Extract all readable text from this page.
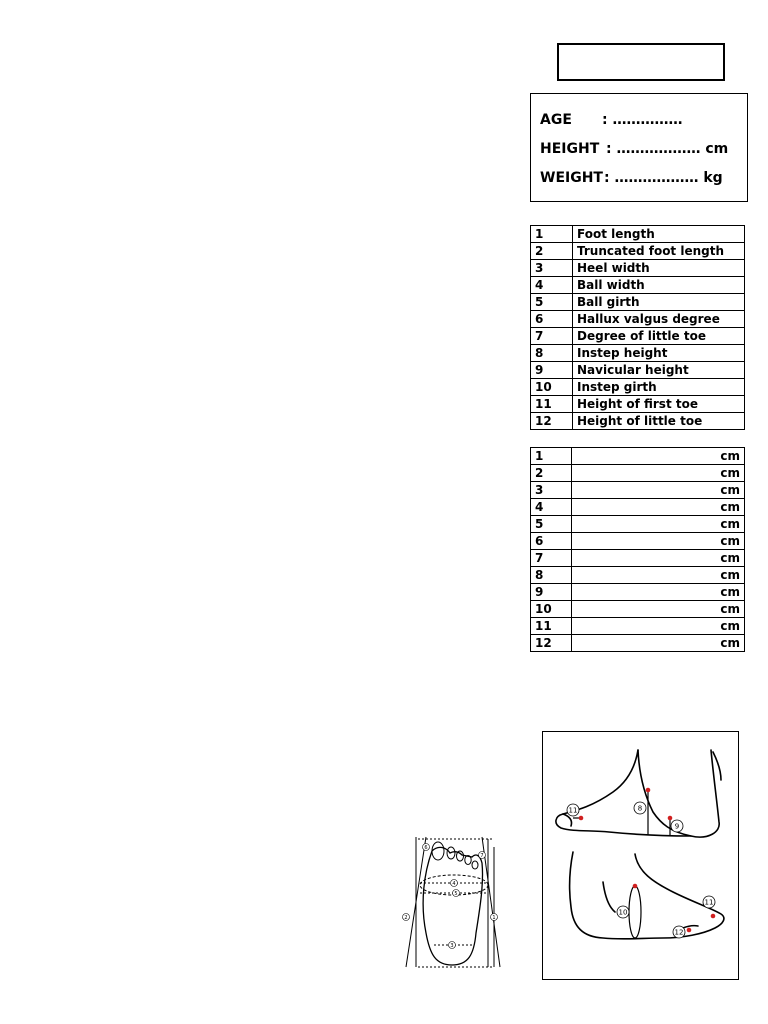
AGE : ……………
HEIGHT : ……………… cm
WEIGHT: ……………… kg
1	Foot length
2	Truncated foot length
3	Heel width
4	Ball width
5	Ball girth
6	Hallux valgus degree
7	Degree of little toe
8	Instep height
9	Navicular height
10	Instep girth
11	Height of first toe
12	Height of little toe
1	cm
2	cm
3	cm
4	cm
5	cm
6	cm
7	cm
8	cm
9	cm
10	cm
11	cm
12	cm
6
7
4
5
3
2	1
11	8
9
10
11
12
